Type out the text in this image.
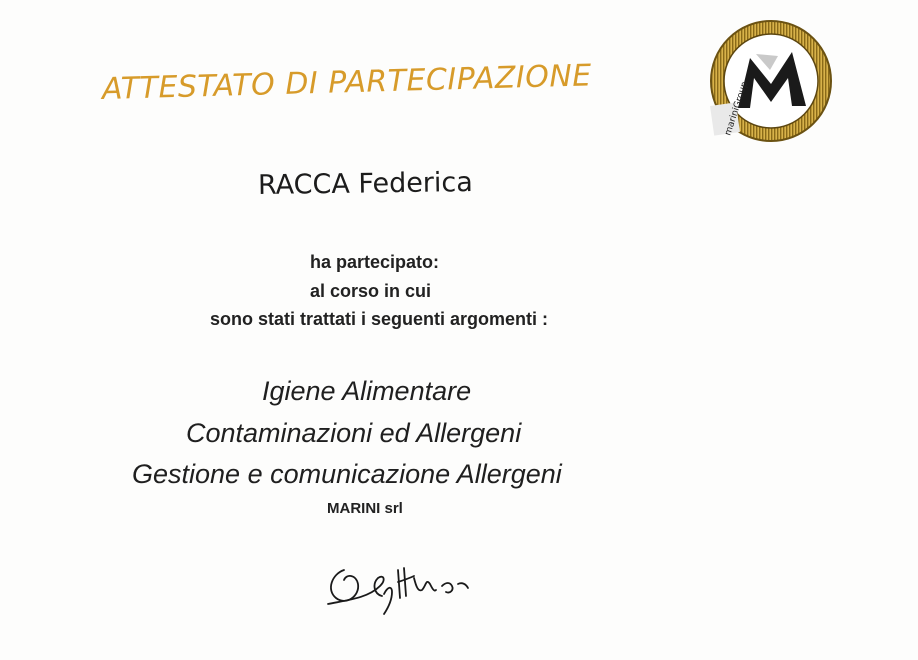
ATTESTATO DI PARTECIPAZIONE	mariniGroup
RACCA Federica
ha partecipato:
al corso in cui
sono stati trattati i seguenti argomenti :
Igiene Alimentare
Contaminazioni ed Allergeni
Gestione e comunicazione Allergeni
MARINI srl
